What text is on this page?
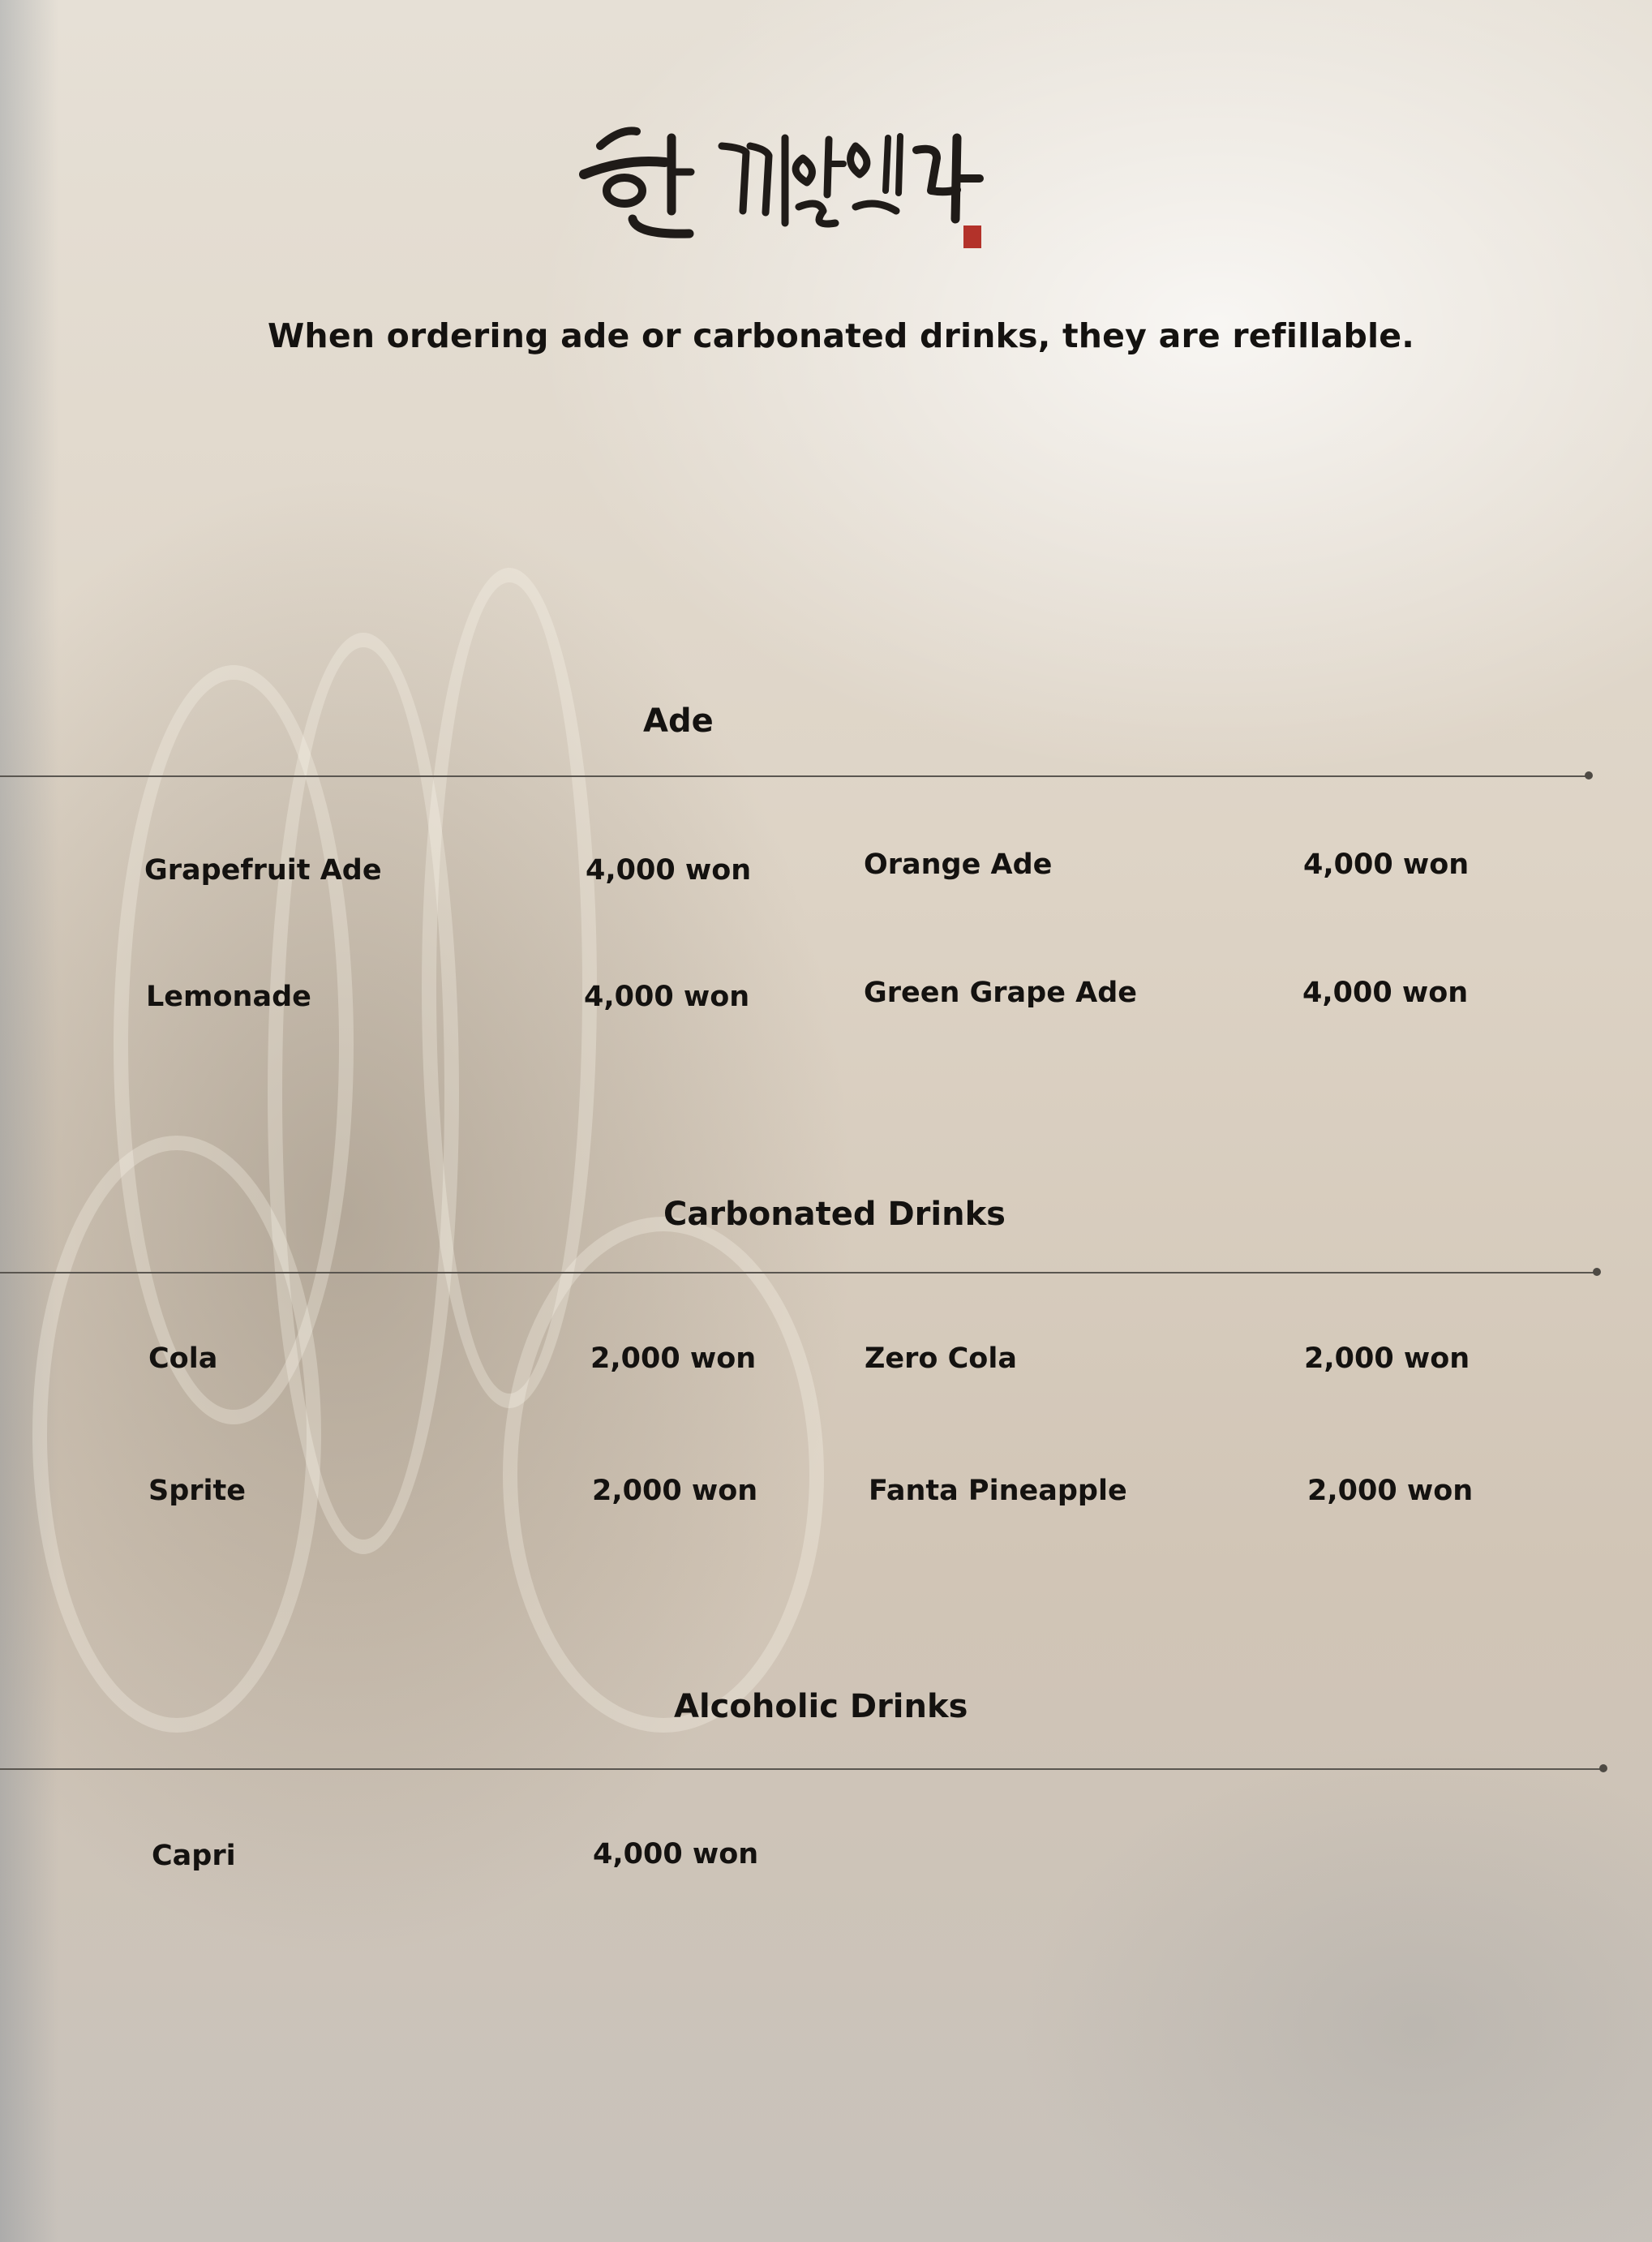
When ordering ade or carbonated drinks, they are refillable.
Ade
Grapefruit Ade	4,000 won	Orange Ade	4,000 won
Lemonade	4,000 won	Green Grape Ade	4,000 won
Carbonated Drinks
Cola	2,000 won	Zero Cola	2,000 won
Sprite	2,000 won	Fanta Pineapple	2,000 won
Alcoholic Drinks
Capri	4,000 won
